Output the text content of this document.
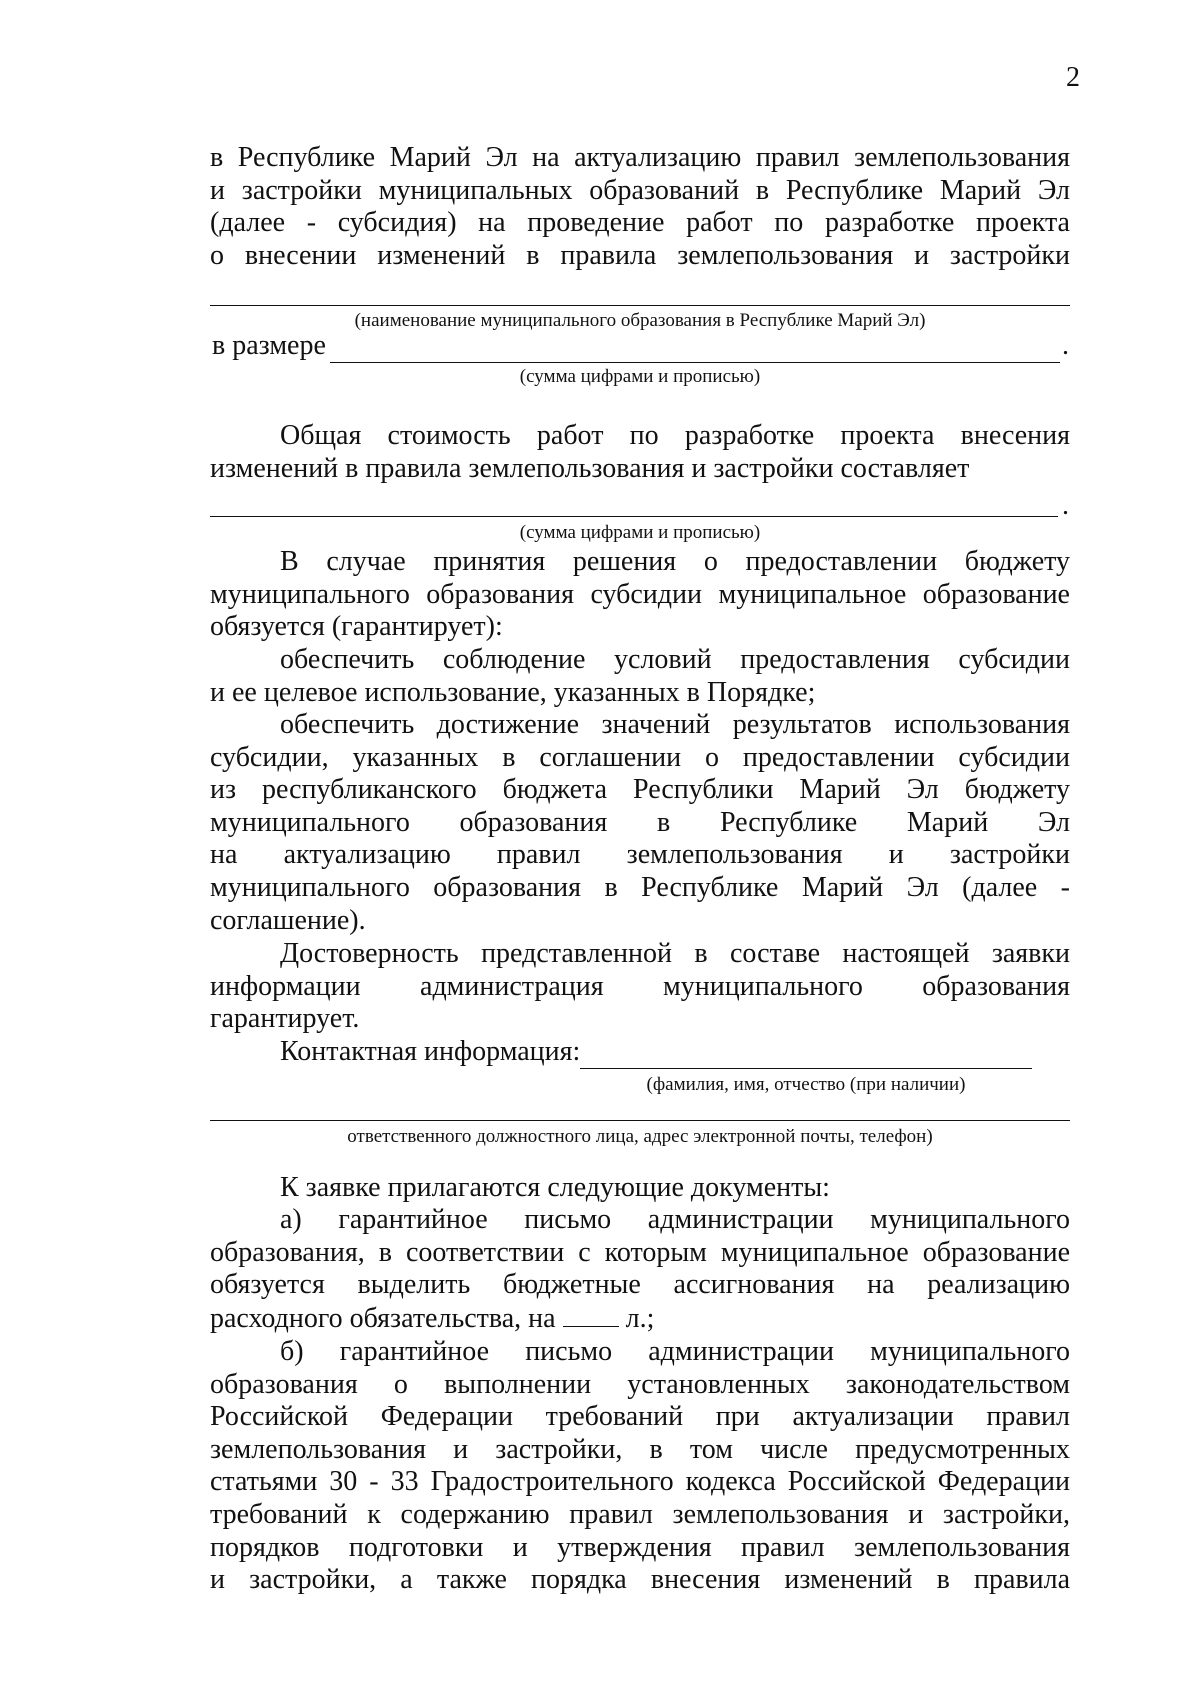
2
в Республике Марий Эл на актуализацию правил землепользования
и застройки муниципальных образований в Республике Марий Эл
(далее - субсидия) на проведение работ по разработке проекта
о внесении изменений в правила землепользования и застройки
(наименование муниципального образования в Республике Марий Эл)
в размере	.
(сумма цифрами и прописью)
Общая стоимость работ по разработке проекта внесения
изменений в правила землепользования и застройки составляет
.
(сумма цифрами и прописью)
В случае принятия решения о предоставлении бюджету
муниципального образования субсидии муниципальное образование
обязуется (гарантирует):
обеспечить соблюдение условий предоставления субсидии
и ее целевое использование, указанных в Порядке;
обеспечить достижение значений результатов использования
субсидии, указанных в соглашении о предоставлении субсидии
из республиканского бюджета Республики Марий Эл бюджету
муниципального образования в Республике Марий Эл
на актуализацию правил землепользования и застройки
муниципального образования в Республике Марий Эл (далее -
соглашение).
Достоверность представленной в составе настоящей заявки
информации администрация муниципального образования
гарантирует.
Контактная информация:
(фамилия, имя, отчество (при наличии)
ответственного должностного лица, адрес электронной почты, телефон)
К заявке прилагаются следующие документы:
а) гарантийное письмо администрации муниципального
образования, в соответствии с которым муниципальное образование
обязуется выделить бюджетные ассигнования на реализацию
расходного обязательства, на  л.;
б) гарантийное письмо администрации муниципального
образования о выполнении установленных законодательством
Российской Федерации требований при актуализации правил
землепользования и застройки, в том числе предусмотренных
статьями 30 - 33 Градостроительного кодекса Российской Федерации
требований к содержанию правил землепользования и застройки,
порядков подготовки и утверждения правил землепользования
и застройки, а также порядка внесения изменений в правила
